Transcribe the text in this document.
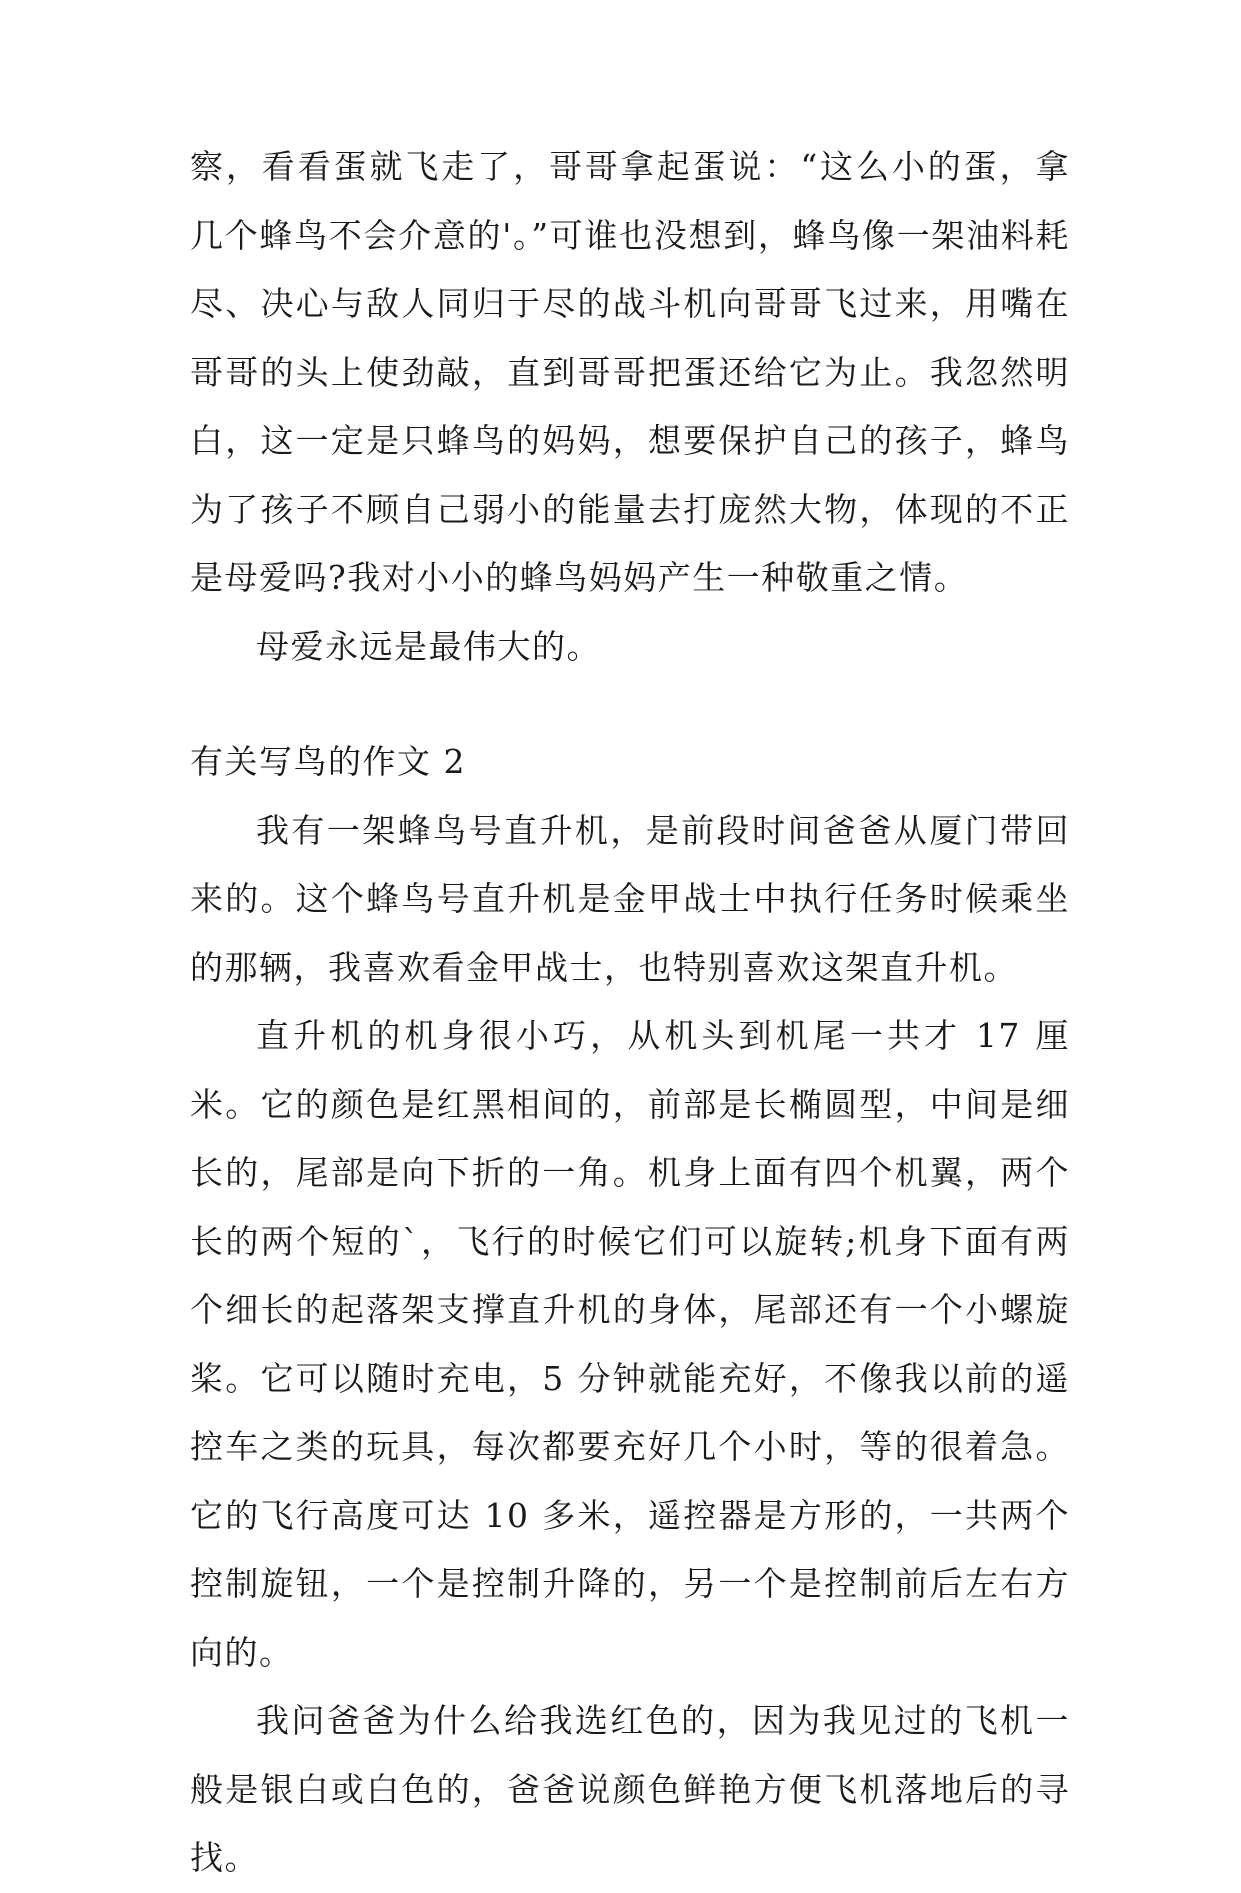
察，看看蛋就飞走了，哥哥拿起蛋说：“这么小的蛋，拿几个蜂鸟不会介意的'。”可谁也没想到，蜂鸟像一架油料耗尽、决心与敌人同归于尽的战斗机向哥哥飞过来，用嘴在哥哥的头上使劲敲，直到哥哥把蛋还给它为止。我忽然明白，这一定是只蜂鸟的妈妈，想要保护自己的孩子，蜂鸟为了孩子不顾自己弱小的能量去打庞然大物，体现的不正是母爱吗?我对小小的蜂鸟妈妈产生一种敬重之情。

母爱永远是最伟大的。

有关写鸟的作文 2

我有一架蜂鸟号直升机，是前段时间爸爸从厦门带回来的。这个蜂鸟号直升机是金甲战士中执行任务时候乘坐的那辆，我喜欢看金甲战士，也特别喜欢这架直升机。

直升机的机身很小巧，从机头到机尾一共才 17 厘米。它的颜色是红黑相间的，前部是长椭圆型，中间是细长的，尾部是向下折的一角。机身上面有四个机翼，两个长的两个短的`，飞行的时候它们可以旋转;机身下面有两个细长的起落架支撑直升机的身体，尾部还有一个小螺旋桨。它可以随时充电，5 分钟就能充好，不像我以前的遥控车之类的玩具，每次都要充好几个小时，等的很着急。它的飞行高度可达 10 多米，遥控器是方形的，一共两个控制旋钮，一个是控制升降的，另一个是控制前后左右方向的。

我问爸爸为什么给我选红色的，因为我见过的飞机一般是银白或白色的，爸爸说颜色鲜艳方便飞机落地后的寻找。
